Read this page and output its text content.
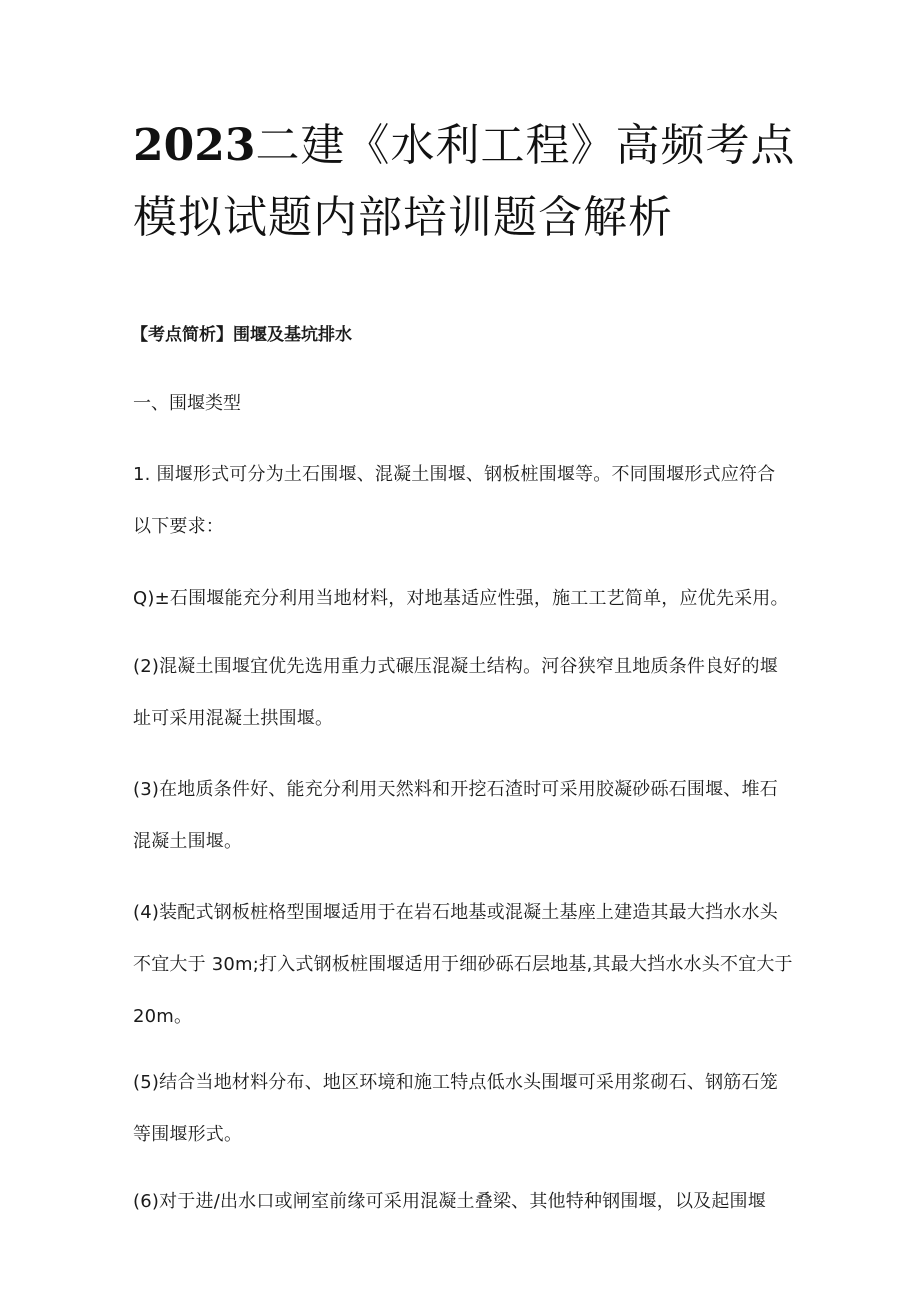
2023二建《水利工程》高频考点模拟试题内部培训题含解析

【考点简析】围堰及基坑排水

一、围堰类型

1. 围堰形式可分为土石围堰、混凝土围堰、钢板桩围堰等。不同围堰形式应符合以下要求：

Q)±石围堰能充分利用当地材料，对地基适应性强，施工工艺简单，应优先采用。

(2)混凝土围堰宜优先选用重力式碾压混凝土结构。河谷狭窄且地质条件良好的堰址可采用混凝土拱围堰。

(3)在地质条件好、能充分利用天然料和开挖石渣时可采用胶凝砂砾石围堰、堆石混凝土围堰。

(4)装配式钢板桩格型围堰适用于在岩石地基或混凝土基座上建造其最大挡水水头不宜大于 30m;打入式钢板桩围堰适用于细砂砾石层地基,其最大挡水水头不宜大于 20m。

(5)结合当地材料分布、地区环境和施工特点低水头围堰可采用浆砌石、钢筋石笼等围堰形式。

(6)对于进/出水口或闸室前缘可采用混凝土叠梁、其他特种钢围堰，以及起围堰
